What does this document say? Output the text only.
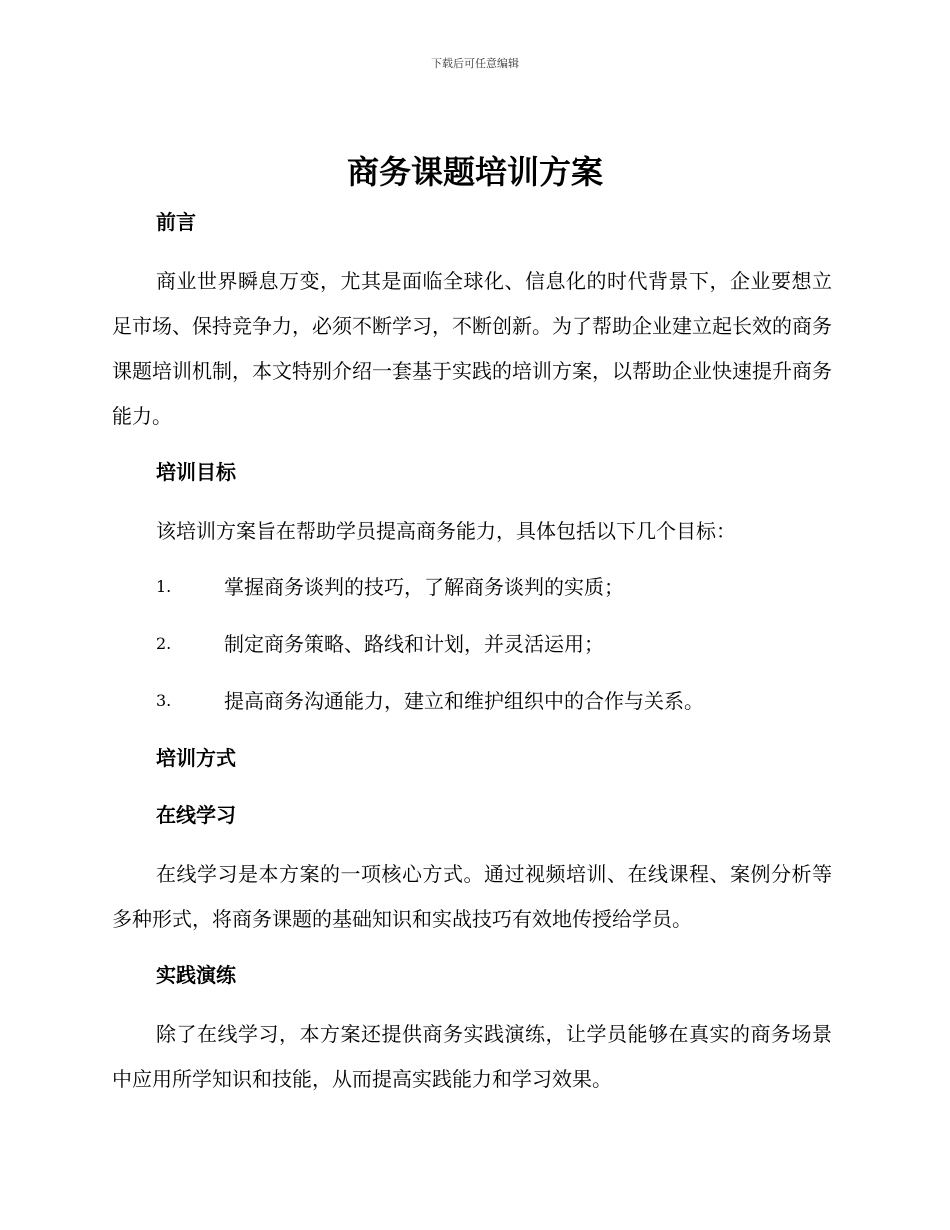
下载后可任意编辑
商务课题培训方案
前言

商业世界瞬息万变，尤其是面临全球化、信息化的时代背景下，企业要想立足市场、保持竞争力，必须不断学习，不断创新。为了帮助企业建立起长效的商务课题培训机制，本文特别介绍一套基于实践的培训方案，以帮助企业快速提升商务能力。

培训目标

该培训方案旨在帮助学员提高商务能力，具体包括以下几个目标：

1.	掌握商务谈判的技巧，了解商务谈判的实质；
2.	制定商务策略、路线和计划，并灵活运用；
3.	提高商务沟通能力，建立和维护组织中的合作与关系。
培训方式
在线学习

在线学习是本方案的一项核心方式。通过视频培训、在线课程、案例分析等多种形式，将商务课题的基础知识和实战技巧有效地传授给学员。

实践演练

除了在线学习，本方案还提供商务实践演练，让学员能够在真实的商务场景中应用所学知识和技能，从而提高实践能力和学习效果。
